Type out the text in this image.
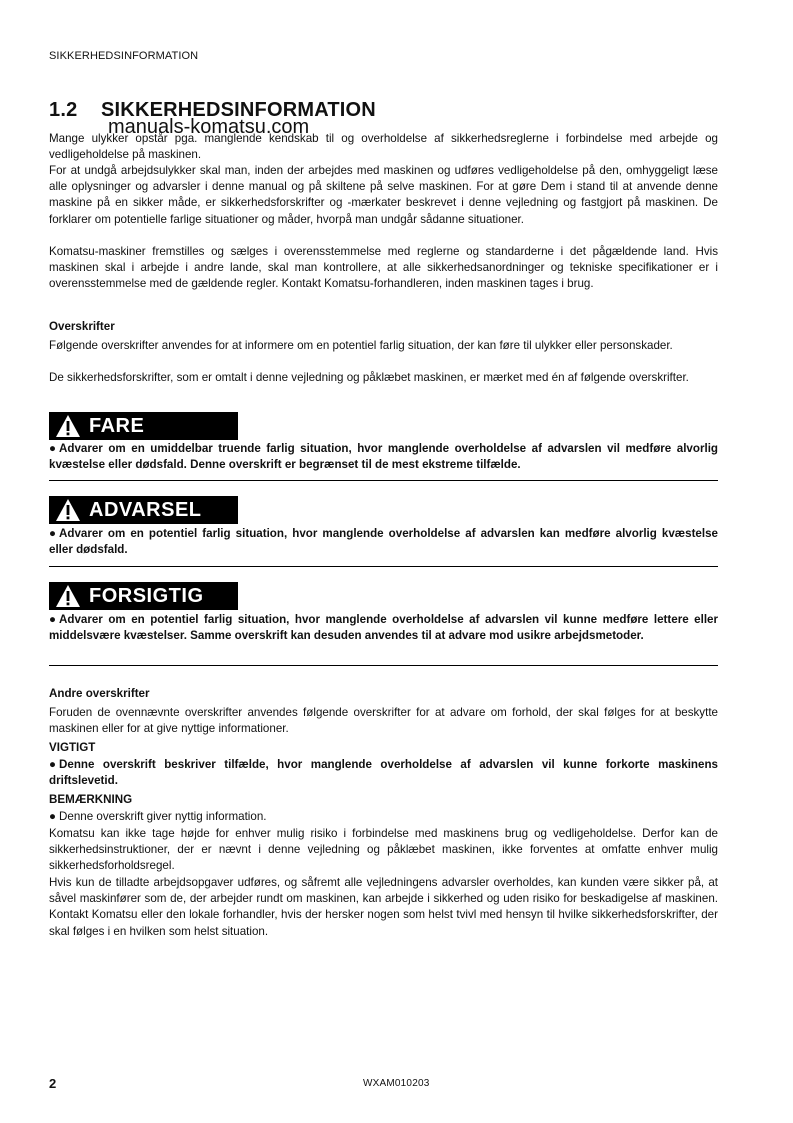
SIKKERHEDSINFORMATION
1.2 SIKKERHEDSINFORMATION
manuals-komatsu.com
Mange ulykker opstår pga. manglende kendskab til og overholdelse af sikkerhedsreglerne i forbindelse med arbejde og vedligeholdelse på maskinen.
For at undgå arbejdsulykker skal man, inden der arbejdes med maskinen og udføres vedligeholdelse på den, omhyggeligt læse alle oplysninger og advarsler i denne manual og på skiltene på selve maskinen. For at gøre Dem i stand til at anvende denne maskine på en sikker måde, er sikkerhedsforskrifter og -mærkater beskrevet i denne vejledning og fastgjort på maskinen. De forklarer om potentielle farlige situationer og måder, hvorpå man undgår sådanne situationer.
Komatsu-maskiner fremstilles og sælges i overensstemmelse med reglerne og standarderne i det pågældende land. Hvis maskinen skal i arbejde i andre lande, skal man kontrollere, at alle sikkerhedsanordninger og tekniske specifikationer er i overensstemmelse med de gældende regler. Kontakt Komatsu-forhandleren, inden maskinen tages i brug.
Overskrifter
Følgende overskrifter anvendes for at informere om en potentiel farlig situation, der kan føre til ulykker eller personskader.
De sikkerhedsforskrifter, som er omtalt i denne vejledning og påklæbet maskinen, er mærket med én af følgende overskrifter.
FARE
● Advarer om en umiddelbar truende farlig situation, hvor manglende overholdelse af advarslen vil medføre alvorlig kvæstelse eller dødsfald. Denne overskrift er begrænset til de mest ekstreme tilfælde.
ADVARSEL
● Advarer om en potentiel farlig situation, hvor manglende overholdelse af advarslen kan medføre alvorlig kvæstelse eller dødsfald.
FORSIGTIG
● Advarer om en potentiel farlig situation, hvor manglende overholdelse af advarslen vil kunne medføre lettere eller middelsvære kvæstelser. Samme overskrift kan desuden anvendes til at advare mod usikre arbejdsmetoder.
Andre overskrifter
Foruden de ovennævnte overskrifter anvendes følgende overskrifter for at advare om forhold, der skal følges for at beskytte maskinen eller for at give nyttige informationer.
VIGTIGT
● Denne overskrift beskriver tilfælde, hvor manglende overholdelse af advarslen vil kunne forkorte maskinens driftslevetid.
BEMÆRKNING
● Denne overskrift giver nyttig information.
Komatsu kan ikke tage højde for enhver mulig risiko i forbindelse med maskinens brug og vedligeholdelse. Derfor kan de sikkerhedsinstruktioner, der er nævnt i denne vejledning og påklæbet maskinen, ikke forventes at omfatte enhver mulig sikkerhedsforholdsregel.
Hvis kun de tilladte arbejdsopgaver udføres, og såfremt alle vejledningens advarsler overholdes, kan kunden være sikker på, at såvel maskinfører som de, der arbejder rundt om maskinen, kan arbejde i sikkerhed og uden risiko for beskadigelse af maskinen. Kontakt Komatsu eller den lokale forhandler, hvis der hersker nogen som helst tvivl med hensyn til hvilke sikkerhedsforskrifter, der skal følges i en hvilken som helst situation.
2	WXAM010203
